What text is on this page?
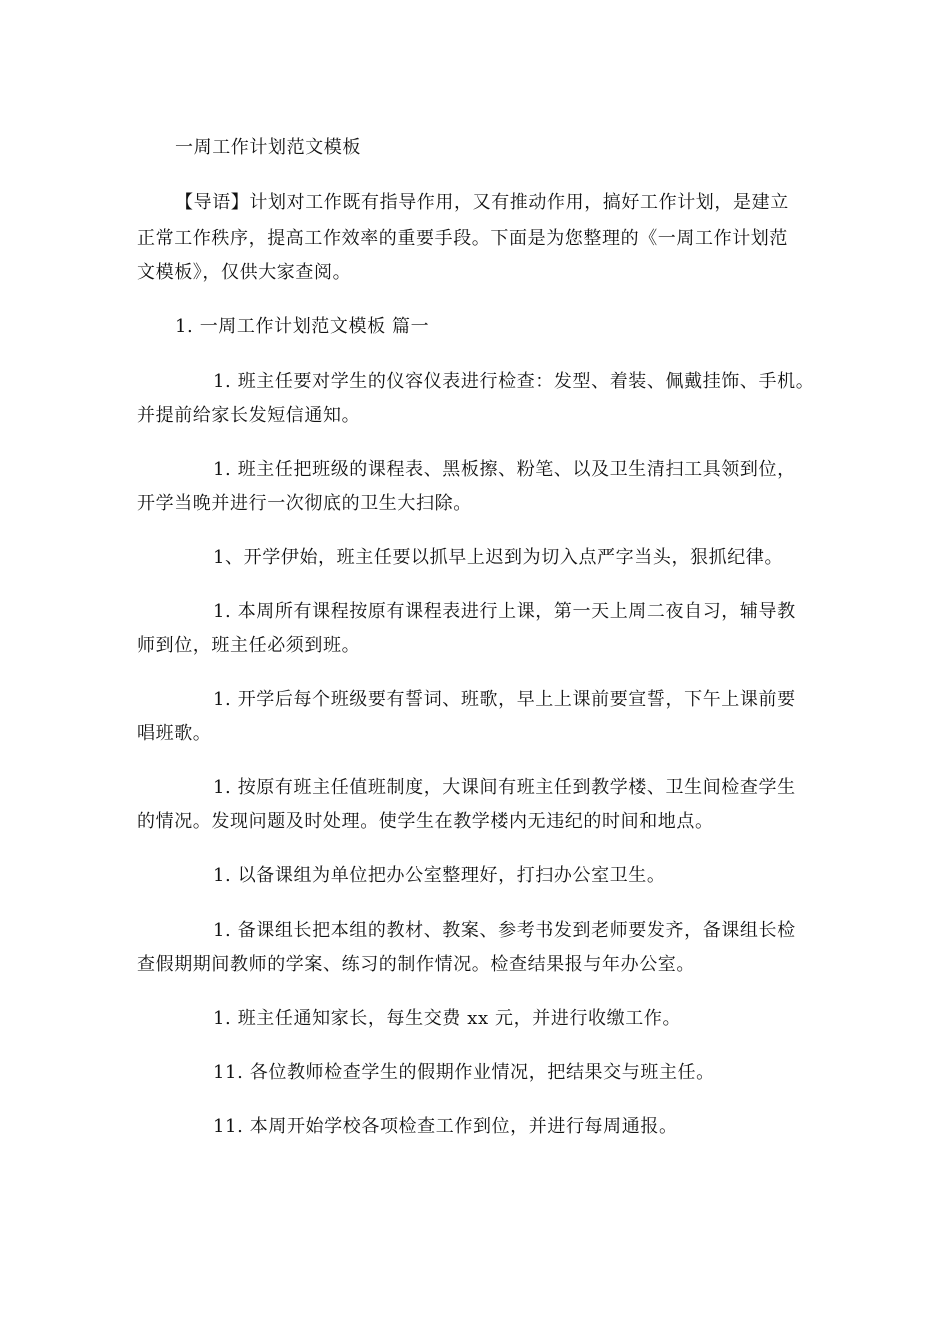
一周工作计划范文模板
【导语】计划对工作既有指导作用，又有推动作用，搞好工作计划，是建立
正常工作秩序，提高工作效率的重要手段。下面是为您整理的《一周工作计划范
文模板》，仅供大家查阅。
1. 一周工作计划范文模板 篇一
1. 班主任要对学生的仪容仪表进行检查：发型、着装、佩戴挂饰、手机。
并提前给家长发短信通知。
1. 班主任把班级的课程表、黑板擦、粉笔、以及卫生清扫工具领到位，
开学当晚并进行一次彻底的卫生大扫除。
1、开学伊始，班主任要以抓早上迟到为切入点严字当头，狠抓纪律。
1. 本周所有课程按原有课程表进行上课，第一天上周二夜自习，辅导教
师到位，班主任必须到班。
1. 开学后每个班级要有誓词、班歌，早上上课前要宣誓，下午上课前要
唱班歌。
1. 按原有班主任值班制度，大课间有班主任到教学楼、卫生间检查学生
的情况。发现问题及时处理。使学生在教学楼内无违纪的时间和地点。
1. 以备课组为单位把办公室整理好，打扫办公室卫生。
1. 备课组长把本组的教材、教案、参考书发到老师要发齐，备课组长检
查假期期间教师的学案、练习的制作情况。检查结果报与年办公室。
1. 班主任通知家长，每生交费 xx 元，并进行收缴工作。
11. 各位教师检查学生的假期作业情况，把结果交与班主任。
11. 本周开始学校各项检查工作到位，并进行每周通报。
